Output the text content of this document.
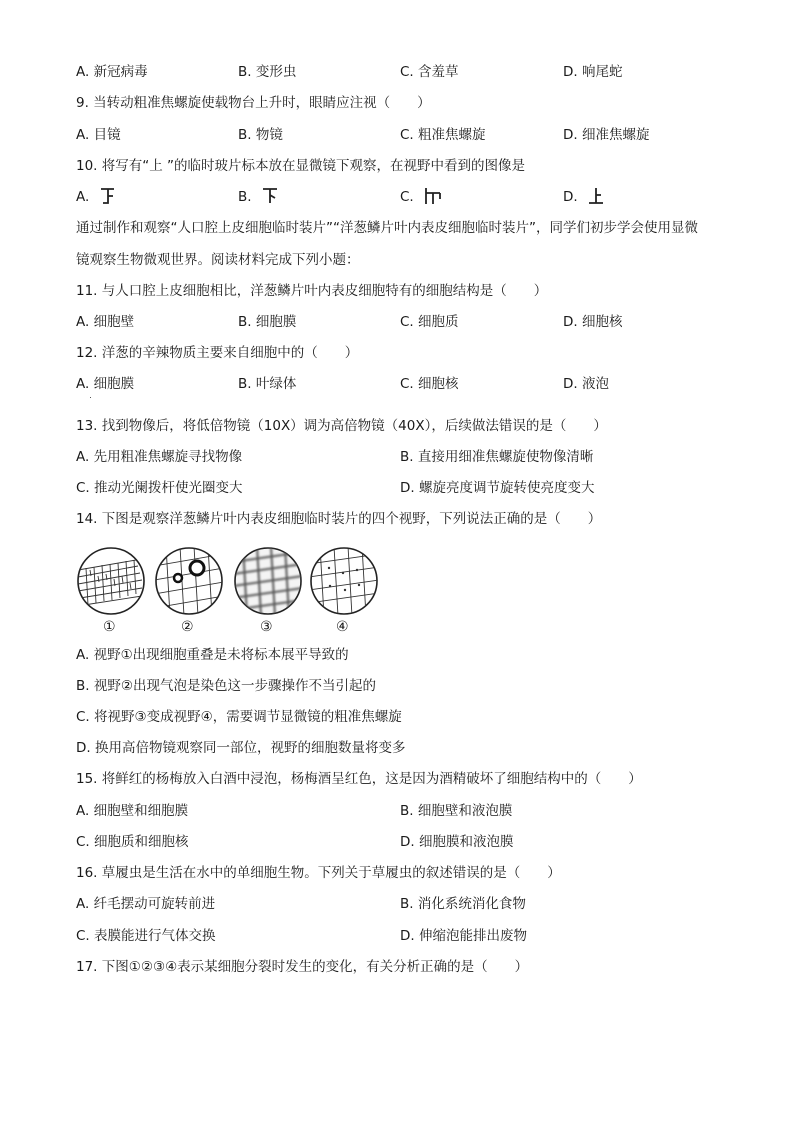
A. 新冠病毒	B. 变形虫	C. 含羞草	D. 响尾蛇
9. 当转动粗准焦螺旋使载物台上升时，眼睛应注视（　　）
A. 目镜	B. 物镜	C. 粗准焦螺旋	D. 细准焦螺旋
10. 将写有“上 ”的临时玻片标本放在显微镜下观察，在视野中看到的图像是
A.	B.	C.	D.
通过制作和观察“人口腔上皮细胞临时装片”“洋葱鳞片叶内表皮细胞临时装片”，同学们初步学会使用显微
镜观察生物微观世界。阅读材料完成下列小题：
11. 与人口腔上皮细胞相比，洋葱鳞片叶内表皮细胞特有的细胞结构是（　　）
A. 细胞壁	B. 细胞膜	C. 细胞质	D. 细胞核
12. 洋葱的辛辣物质主要来自细胞中的（　　）
A. 细胞膜	B. 叶绿体	C. 细胞核	D. 液泡
13. 找到物像后，将低倍物镜（10X）调为高倍物镜（40X），后续做法错误的是（　　）
A. 先用粗准焦螺旋寻找物像	B. 直接用细准焦螺旋使物像清晰
C. 推动光阑拨杆使光圈变大	D. 螺旋亮度调节旋转使亮度变大
14. 下图是观察洋葱鳞片叶内表皮细胞临时装片的四个视野，下列说法正确的是（　　）
①	②	③	④
A. 视野①出现细胞重叠是未将标本展平导致的
B. 视野②出现气泡是染色这一步骤操作不当引起的
C. 将视野③变成视野④，需要调节显微镜的粗准焦螺旋
D. 换用高倍物镜观察同一部位，视野的细胞数量将变多
15. 将鲜红的杨梅放入白酒中浸泡，杨梅酒呈红色，这是因为酒精破坏了细胞结构中的（　　）
A. 细胞壁和细胞膜	B. 细胞壁和液泡膜
C. 细胞质和细胞核	D. 细胞膜和液泡膜
16. 草履虫是生活在水中的单细胞生物。下列关于草履虫的叙述错误的是（　　）
A. 纤毛摆动可旋转前进	B. 消化系统消化食物
C. 表膜能进行气体交换	D. 伸缩泡能排出废物
17. 下图①②③④表示某细胞分裂时发生的变化，有关分析正确的是（　　）
